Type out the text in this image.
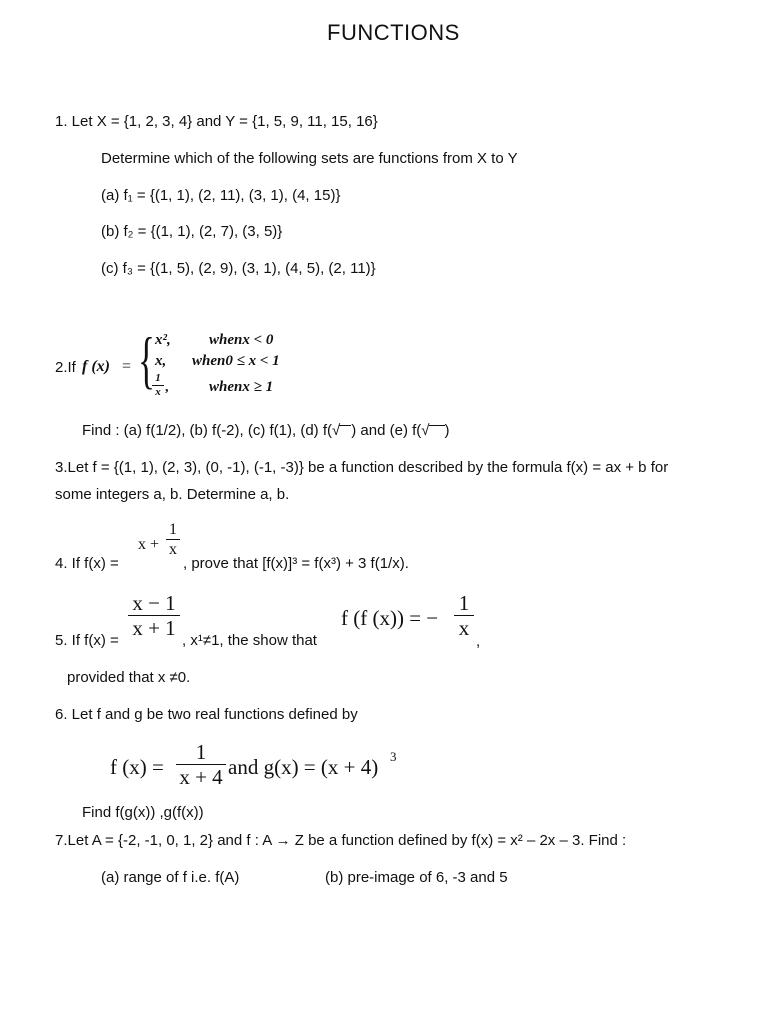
FUNCTIONS
1. Let X = {1, 2, 3, 4} and Y = {1, 5, 9, 11, 15, 16}
Determine which of the following sets are functions from X to Y
(a) f₁ = {(1, 1), (2, 11), (3, 1), (4, 15)}
(b) f₂ = {(1, 1), (2, 7), (3, 5)}
(c) f₃ = {(1, 5), (2, 9), (3, 1), (4, 5), (2, 11)}
2.If f (x) = { x²,	whenx < 0
x, when0 ≤ x < 1
1
x ,	whenx ≥ 1
Find : (a) f(1/2), (b) f(-2), (c) f(1), (d) f(√ ) and (e) f(√ )
3.Let f = {(1, 1), (2, 3), (0, -1), (-1, -3)} be a function described by the formula f(x) = ax + b for
some integers a, b. Determine a, b.
4. If f(x) =
x +
1
x
, prove that [f(x)]³ = f(x³) + 3 f(1/x).
5. If f(x) =
x − 1
x + 1
, x¹≠1, the show that
f (f (x)) = −
1
x
,
provided that x ≠0.
6. Let f and g be two real functions defined by
f (x) =
1
x + 4 and g(x) = (x + 4) 3
Find f(g(x)) ,g(f(x))
7.Let A = {-2, -1, 0, 1, 2} and f : A → Z be a function defined by f(x) = x² – 2x – 3. Find :
(a) range of f i.e. f(A)	(b) pre-image of 6, -3 and 5
